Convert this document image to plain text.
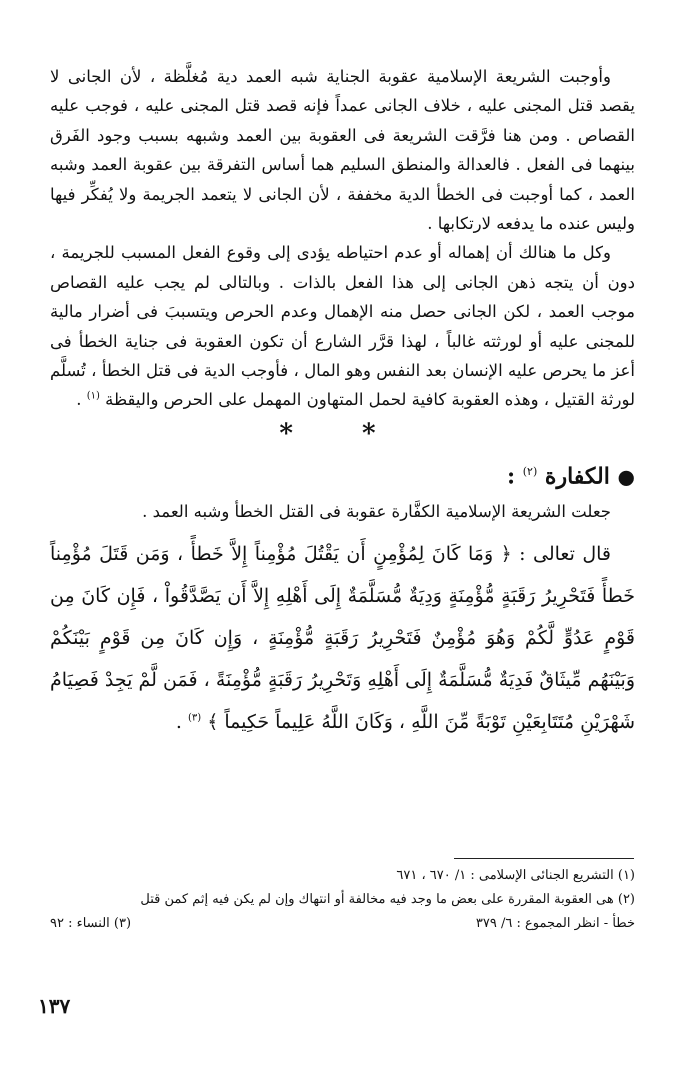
وأوجبت الشريعة الإسلامية عقوبة الجناية شبه العمد دية مُغلَّظة ، لأن الجانى لا يقصد قتل المجنى عليه ، خلاف الجانى عمداً فإنه قصد قتل المجنى عليه ، فوجب عليه القصاص . ومن هنا فرَّقت الشريعة فى العقوبة بين العمد وشبهه بسبب وجود الفَرق بينهما فى الفعل . فالعدالة والمنطق السليم هما أساس التفرقة بين عقوبة العمد وشبه العمد ، كما أوجبت فى الخطأ الدية مخففة ، لأن الجانى لا يتعمد الجريمة ولا يُفكِّر فيها وليس عنده ما يدفعه لارتكابها .

وكل ما هنالك أن إهماله أو عدم احتياطه يؤدى إلى وقوع الفعل المسبب للجريمة ، دون أن يتجه ذهن الجانى إلى هذا الفعل بالذات . وبالتالى لم يجب عليه القصاص موجب العمد ، لكن الجانى حصل منه الإهمال وعدم الحرص ويتسببَ فى أضرار مالية للمجنى عليه أو لورثته غالباً ، لهذا قرَّر الشارع أن تكون العقوبة فى جناية الخطأ فى أعز ما يحرص عليه الإنسان بعد النفس وهو المال ، فأوجب الدية فى قتل الخطأ ، تُسلَّم لورثة القتيل ، وهذه العقوبة كافية لحمل المتهاون المهمل على الحرص واليقظة $^{(١)}$ .

* *
● الكفارة $^{(٢)}$ :

جعلت الشريعة الإسلامية الكفَّارة عقوبة فى القتل الخطأ وشبه العمد .

قال تعالى : ﴿ وَمَا كَانَ لِمُؤْمِنٍ أَن يَقْتُلَ مُؤْمِناً إِلاَّ خَطأً ، وَمَن قَتَلَ مُؤْمِناً خَطأً فَتَحْرِيرُ رَقَبَةٍ مُّؤْمِنَةٍ وَدِيَةٌ مُّسَلَّمَةٌ إِلَى أَهْلِهِ إِلاَّ أَن يَصَّدَّقُواْ ، فَإِن كَانَ مِن قَوْمٍ عَدُوٍّ لَّكُمْ وَهُوَ مُؤْمِنٌ فَتَحْرِيرُ رَقَبَةٍ مُّؤْمِنَةٍ ، وَإِن كَانَ مِن قَوْمٍ بَيْنَكُمْ وَبَيْنَهُم مِّيثَاقٌ فَدِيَةٌ مُّسَلَّمَةٌ إِلَى أَهْلِهِ وَتَحْرِيرُ رَقَبَةٍ مُّؤْمِنَةً ، فَمَن لَّمْ يَجِدْ فَصِيَامُ شَهْرَيْنِ مُتَتَابِعَيْنِ تَوْبَةً مِّنَ اللَّهِ ، وَكَانَ اللَّهُ عَلِيماً حَكِيماً ﴾ $^{(٣)}$ .

(١) التشريع الجنائى الإسلامى : ١/ ٦٧٠ ، ٦٧١

(٢) هى العقوبة المقررة على بعض ما وجد فيه مخالفة أو انتهاك وإن لم يكن فيه إثم كمن قتل

خطأ - انظر المجموع : ٦/ ٣٧٩
(٣) النساء : ٩٢
١٣٧
